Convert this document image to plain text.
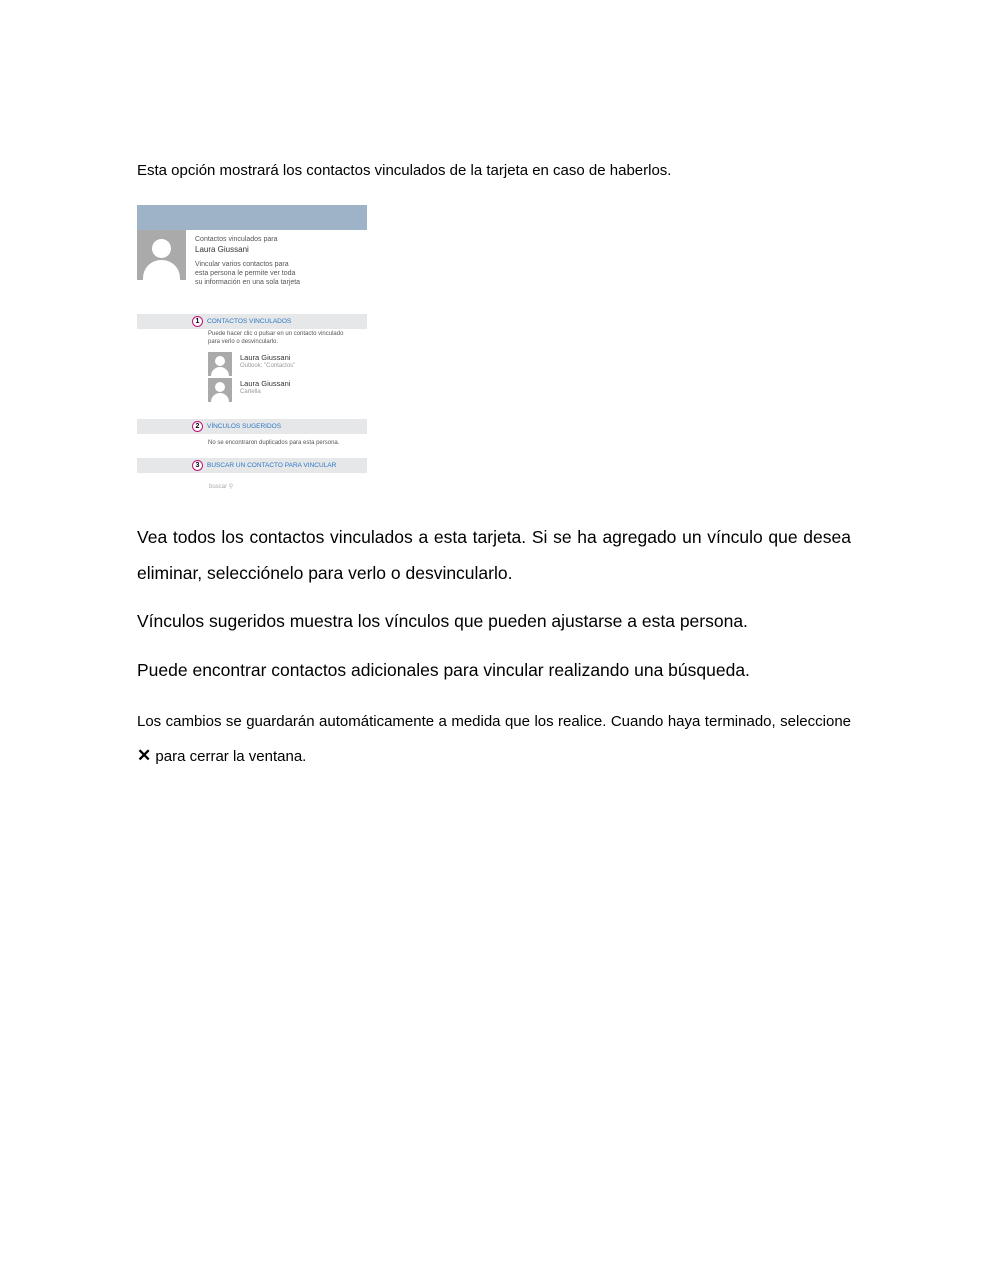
Esta opción mostrará los contactos vinculados de la tarjeta en caso de haberlos.
Contactos vinculados para
Laura Giussani
Vincular varios contactos para
esta persona le permite ver toda
su información en una sola tarjeta
1	CONTACTOS VINCULADOS
Puede hacer clic o pulsar en un contacto vinculado
para verlo o desvincularlo.
Laura Giussani
Outlook: "Contactos"
Laura Giussani
Cartella
2	VÍNCULOS SUGERIDOS
No se encontraron duplicados para esta persona.
3	BUSCAR UN CONTACTO PARA VINCULAR
buscar ⚲
Vea todos los contactos vinculados a esta tarjeta. Si se ha agregado un vínculo que desea eliminar, selecciónelo para verlo o desvincularlo.
Vínculos sugeridos muestra los vínculos que pueden ajustarse a esta persona.
Puede encontrar contactos adicionales para vincular realizando una búsqueda.
Los cambios se guardarán automáticamente a medida que los realice. Cuando haya terminado, seleccione ✕ para cerrar la ventana.
